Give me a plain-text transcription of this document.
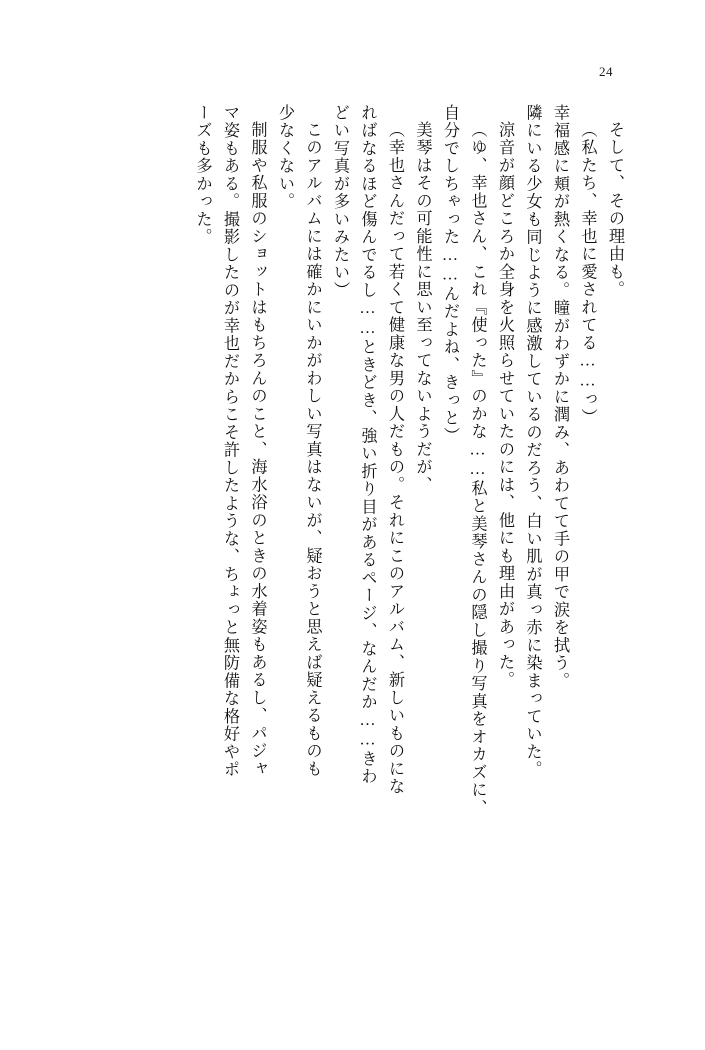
24
そして、その理由も。
（私たち、幸也に愛されてる……っ）
幸福感に頬が熱くなる。瞳がわずかに潤み、あわてて手の甲で涙を拭う。
隣にいる少女も同じように感激しているのだろう、白い肌が真っ赤に染まっていた。
涼音が顔どころか全身を火照らせていたのには、他にも理由があった。
（ゆ、幸也さん、これ『使った』のかな……私と美琴さんの隠し撮り写真をオカズに、
自分でしちゃった……んだよね、きっと）
美琴はその可能性に思い至ってないようだが、
（幸也さんだって若くて健康な男の人だもの。それにこのアルバム、新しいものにな
ればなるほど傷んでるし……ときどき、強い折り目があるページ、なんだか……きわ
どい写真が多いみたい）
このアルバムには確かにいかがわしい写真はないが、疑おうと思えば疑えるものも
少なくない。
制服や私服のショットはもちろんのこと、海水浴のときの水着姿もあるし、パジャ
マ姿もある。撮影したのが幸也だからこそ許したような、ちょっと無防備な格好やポ
ーズも多かった。
